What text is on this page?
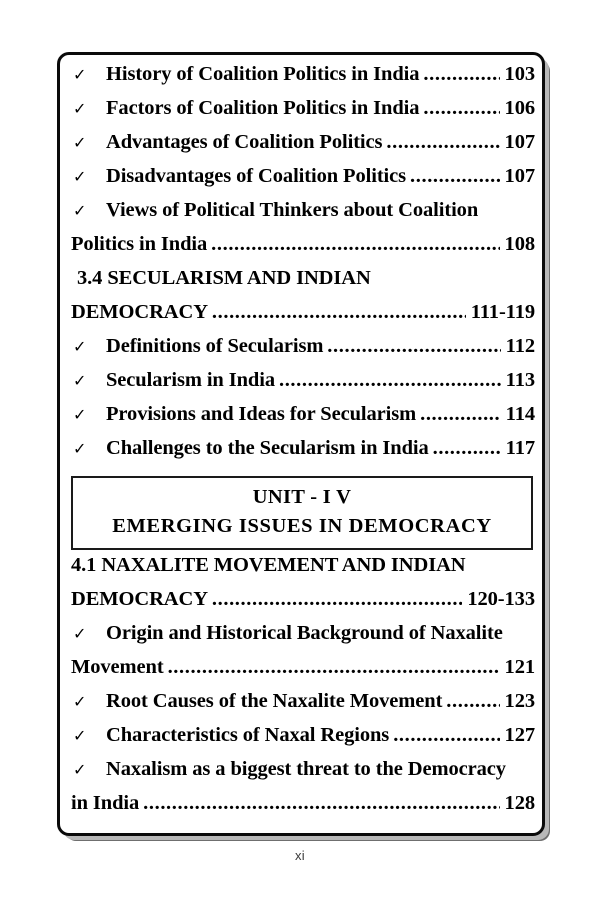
✓ History of Coalition Politics in India .....	103
✓ Factors of Coalition Politics in India .....	106
✓ Advantages of Coalition Politics .....	107
✓ Disadvantages of Coalition Politics .....	107
✓ Views of Political Thinkers about Coalition
Politics in India .....	108
3.4 SECULARISM AND INDIAN
DEMOCRACY .....	111-119
✓ Definitions of Secularism .....	112
✓ Secularism in India .....	113
✓ Provisions and Ideas for Secularism .....	114
✓ Challenges to the Secularism in India .....	117
UNIT - I V
EMERGING ISSUES IN DEMOCRACY
4.1 NAXALITE MOVEMENT AND INDIAN
DEMOCRACY .....	120-133
✓ Origin and Historical Background of Naxalite
Movement .....	121
✓ Root Causes of the Naxalite Movement .....	123
✓ Characteristics of Naxal Regions .....	127
✓ Naxalism as a biggest threat to the Democracy
in India .....	128
xi
